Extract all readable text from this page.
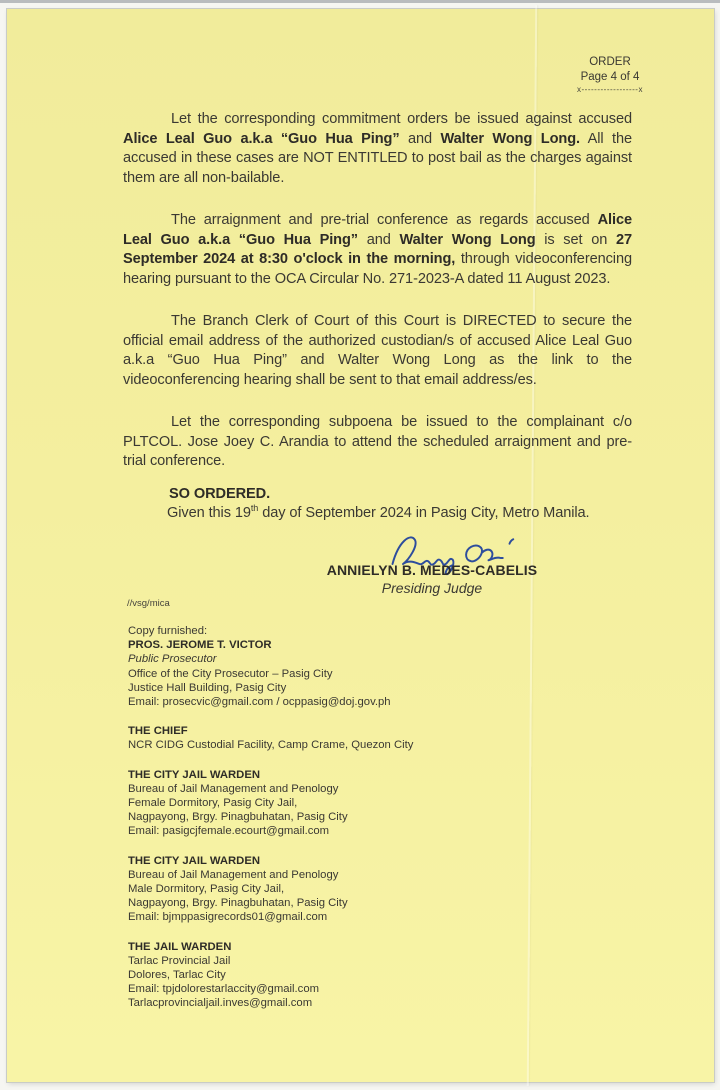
ORDER
Page 4 of 4
x------------------x

Let the corresponding commitment orders be issued against accused Alice Leal Guo a.k.a “Guo Hua Ping” and Walter Wong Long. All the accused in these cases are NOT ENTITLED to post bail as the charges against them are all non-bailable.

The arraignment and pre-trial conference as regards accused Alice Leal Guo a.k.a “Guo Hua Ping” and Walter Wong Long is set on 27 September 2024 at 8:30 o'clock in the morning, through videoconferencing hearing pursuant to the OCA Circular No. 271-2023-A dated 11 August 2023.

The Branch Clerk of Court of this Court is DIRECTED to secure the official email address of the authorized custodian/s of accused Alice Leal Guo a.k.a “Guo Hua Ping” and Walter Wong Long as the link to the videoconferencing hearing shall be sent to that email address/es.

Let the corresponding subpoena be issued to the complainant c/o PLTCOL. Jose Joey C. Arandia to attend the scheduled arraignment and pre-trial conference.

SO ORDERED.

Given this 19th day of September 2024 in Pasig City, Metro Manila.

ANNIELYN B. MEDES-CABELIS
Presiding Judge
//vsg/mica
Copy furnished:
PROS. JEROME T. VICTOR
Public Prosecutor
Office of the City Prosecutor – Pasig City
Justice Hall Building, Pasig City
Email: prosecvic@gmail.com / ocppasig@doj.gov.ph
THE CHIEF
NCR CIDG Custodial Facility, Camp Crame, Quezon City
THE CITY JAIL WARDEN
Bureau of Jail Management and Penology
Female Dormitory, Pasig City Jail,
Nagpayong, Brgy. Pinagbuhatan, Pasig City
Email: pasigcjfemale.ecourt@gmail.com
THE CITY JAIL WARDEN
Bureau of Jail Management and Penology
Male Dormitory, Pasig City Jail,
Nagpayong, Brgy. Pinagbuhatan, Pasig City
Email: bjmppasigrecords01@gmail.com
THE JAIL WARDEN
Tarlac Provincial Jail
Dolores, Tarlac City
Email: tpjdolorestarlaccity@gmail.com
Tarlacprovincialjail.inves@gmail.com
